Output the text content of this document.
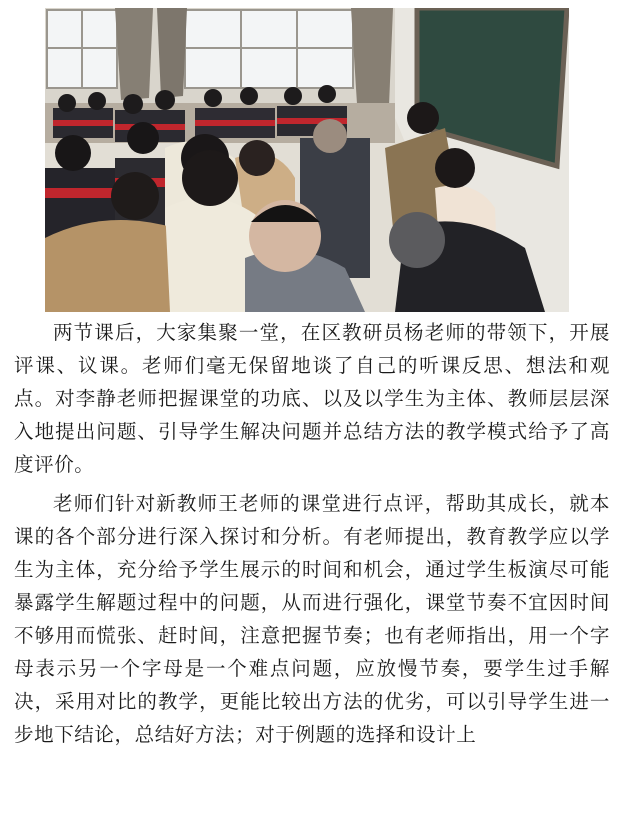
两节课后，大家集聚一堂，在区教研员杨老师的带领下，开展评课、议课。老师们毫无保留地谈了自己的听课反思、想法和观点。对李静老师把握课堂的功底、以及以学生为主体、教师层层深入地提出问题、引导学生解决问题并总结方法的教学模式给予了高度评价。

老师们针对新教师王老师的课堂进行点评，帮助其成长，就本课的各个部分进行深入探讨和分析。有老师提出，教育教学应以学生为主体，充分给予学生展示的时间和机会，通过学生板演尽可能暴露学生解题过程中的问题，从而进行强化，课堂节奏不宜因时间不够用而慌张、赶时间，注意把握节奏；也有老师指出，用一个字母表示另一个字母是一个难点问题，应放慢节奏，要学生过手解决，采用对比的教学，更能比较出方法的优劣，可以引导学生进一步地下结论，总结好方法；对于例题的选择和设计上
